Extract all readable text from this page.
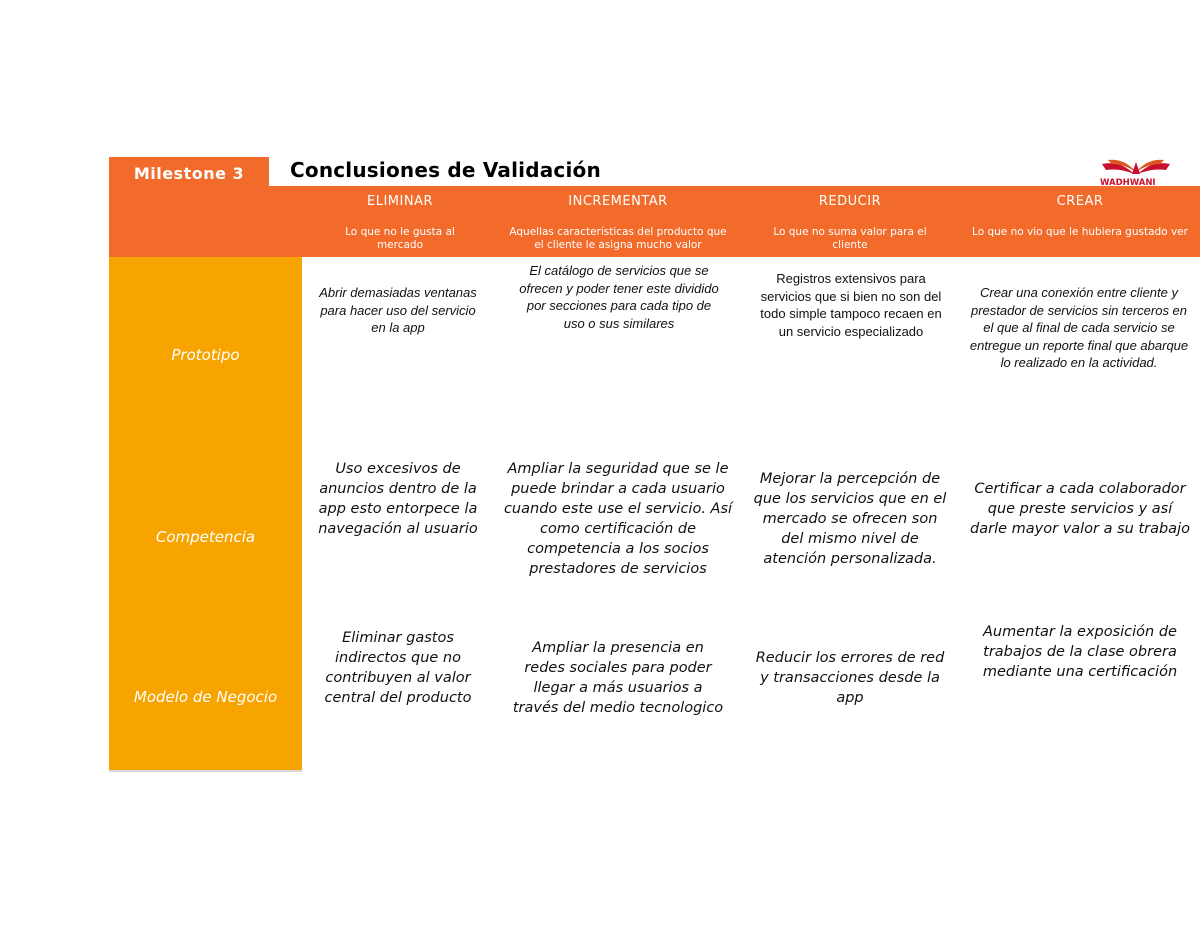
Milestone 3	Conclusiones de Validación
WADHWANI
ELIMINAR
Lo que no le gusta al mercado
INCREMENTAR
Aquellas características del producto que el cliente le asigna mucho valor
REDUCIR
Lo que no suma valor para el cliente
CREAR
Lo que no vio que le hubiera gustado ver
Prototipo
Competencia
Modelo de Negocio
Abrir demasiadas ventanas para hacer uso del servicio en la app
El catálogo de servicios que se ofrecen y poder tener este dividido por secciones para cada tipo de uso o sus similares
Registros extensivos para servicios que si bien no son del todo simple tampoco recaen en un servicio especializado
Crear una conexión entre cliente y prestador de servicios sin terceros en el que al final de cada servicio se entregue un reporte final que abarque lo realizado en la actividad.
Uso excesivos de anuncios dentro de la app esto entorpece la navegación al usuario
Ampliar la seguridad que se le puede brindar a cada usuario cuando este use el servicio. Así como certificación de competencia a los socios prestadores de servicios
Mejorar la percepción de que los servicios que en el mercado se ofrecen son del mismo nivel de atención personalizada.
Certificar a cada colaborador que preste servicios y así darle mayor valor a su trabajo
Eliminar gastos indirectos que no contribuyen al valor central del producto
Ampliar la presencia en redes sociales para poder llegar a más usuarios a través del medio tecnologico
Reducir los errores de red y transacciones desde la app
Aumentar la exposición de trabajos de la clase obrera mediante una certificación
